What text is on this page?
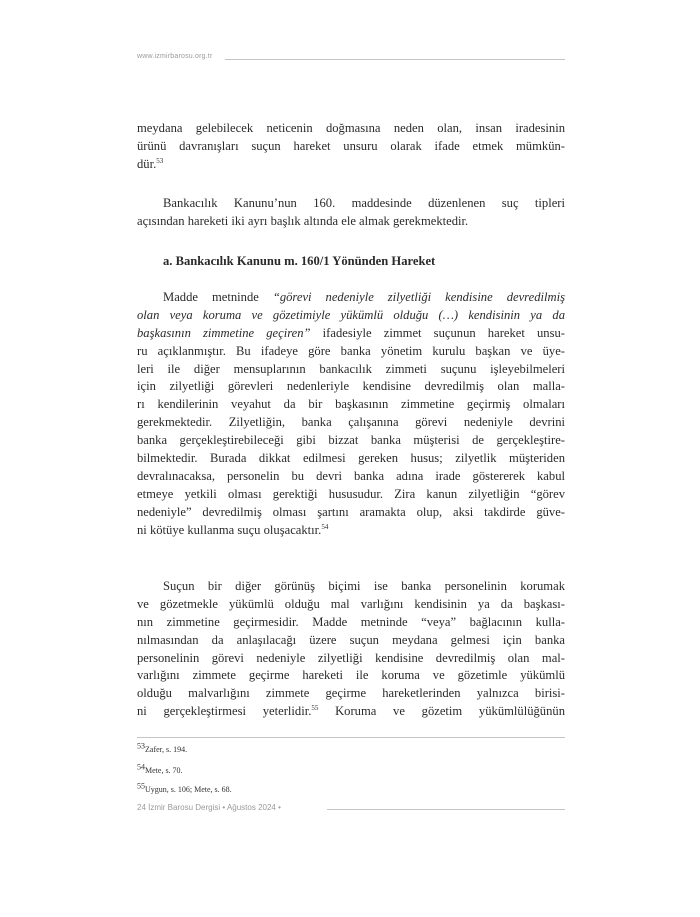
www.izmirbarosu.org.tr
meydana gelebilecek neticenin doğmasına neden olan, insan iradesinin
ürünü davranışları suçun hareket unsuru olarak ifade etmek mümkün-
dür.$^{53}$
Bankacılık Kanunu’nun 160. maddesinde düzenlenen suç tipleri
açısından hareketi iki ayrı başlık altında ele almak gerekmektedir.
a. Bankacılık Kanunu m. 160/1 Yönünden Hareket
Madde metninde “görevi nedeniyle zilyetliği kendisine devredilmiş
olan veya koruma ve gözetimiyle yükümlü olduğu (…) kendisinin ya da
başkasının zimmetine geçiren” ifadesiyle zimmet suçunun hareket unsu-
ru açıklanmıştır. Bu ifadeye göre banka yönetim kurulu başkan ve üye-
leri ile diğer mensuplarının bankacılık zimmeti suçunu işleyebilmeleri
için zilyetliği görevleri nedenleriyle kendisine devredilmiş olan malla-
rı kendilerinin veyahut da bir başkasının zimmetine geçirmiş olmaları
gerekmektedir. Zilyetliğin, banka çalışanına görevi nedeniyle devrini
banka gerçekleştirebileceği gibi bizzat banka müşterisi de gerçekleştire-
bilmektedir. Burada dikkat edilmesi gereken husus; zilyetlik müşteriden
devralınacaksa, personelin bu devri banka adına irade göstererek kabul
etmeye yetkili olması gerektiği hususudur. Zira kanun zilyetliğin “görev
nedeniyle” devredilmiş olması şartını aramakta olup, aksi takdirde güve-
ni kötüye kullanma suçu oluşacaktır.$^{54}$
Suçun bir diğer görünüş biçimi ise banka personelinin korumak
ve gözetmekle yükümlü olduğu mal varlığını kendisinin ya da başkası-
nın zimmetine geçirmesidir. Madde metninde “veya” bağlacının kulla-
nılmasından da anlaşılacağı üzere suçun meydana gelmesi için banka
personelinin görevi nedeniyle zilyetliği kendisine devredilmiş olan mal-
varlığını zimmete geçirme hareketi ile koruma ve gözetimle yükümlü
olduğu malvarlığını zimmete geçirme hareketlerinden yalnızca birisi-
ni gerçekleştirmesi yeterlidir.$^{55}$ Koruma ve gözetim yükümlülüğünün
$^{53}$Zafer, s. 194.
$^{54}$Mete, s. 70.
$^{55}$Uygun, s. 106; Mete, s. 68.
24 İzmir Barosu Dergisi • Ağustos 2024 •
